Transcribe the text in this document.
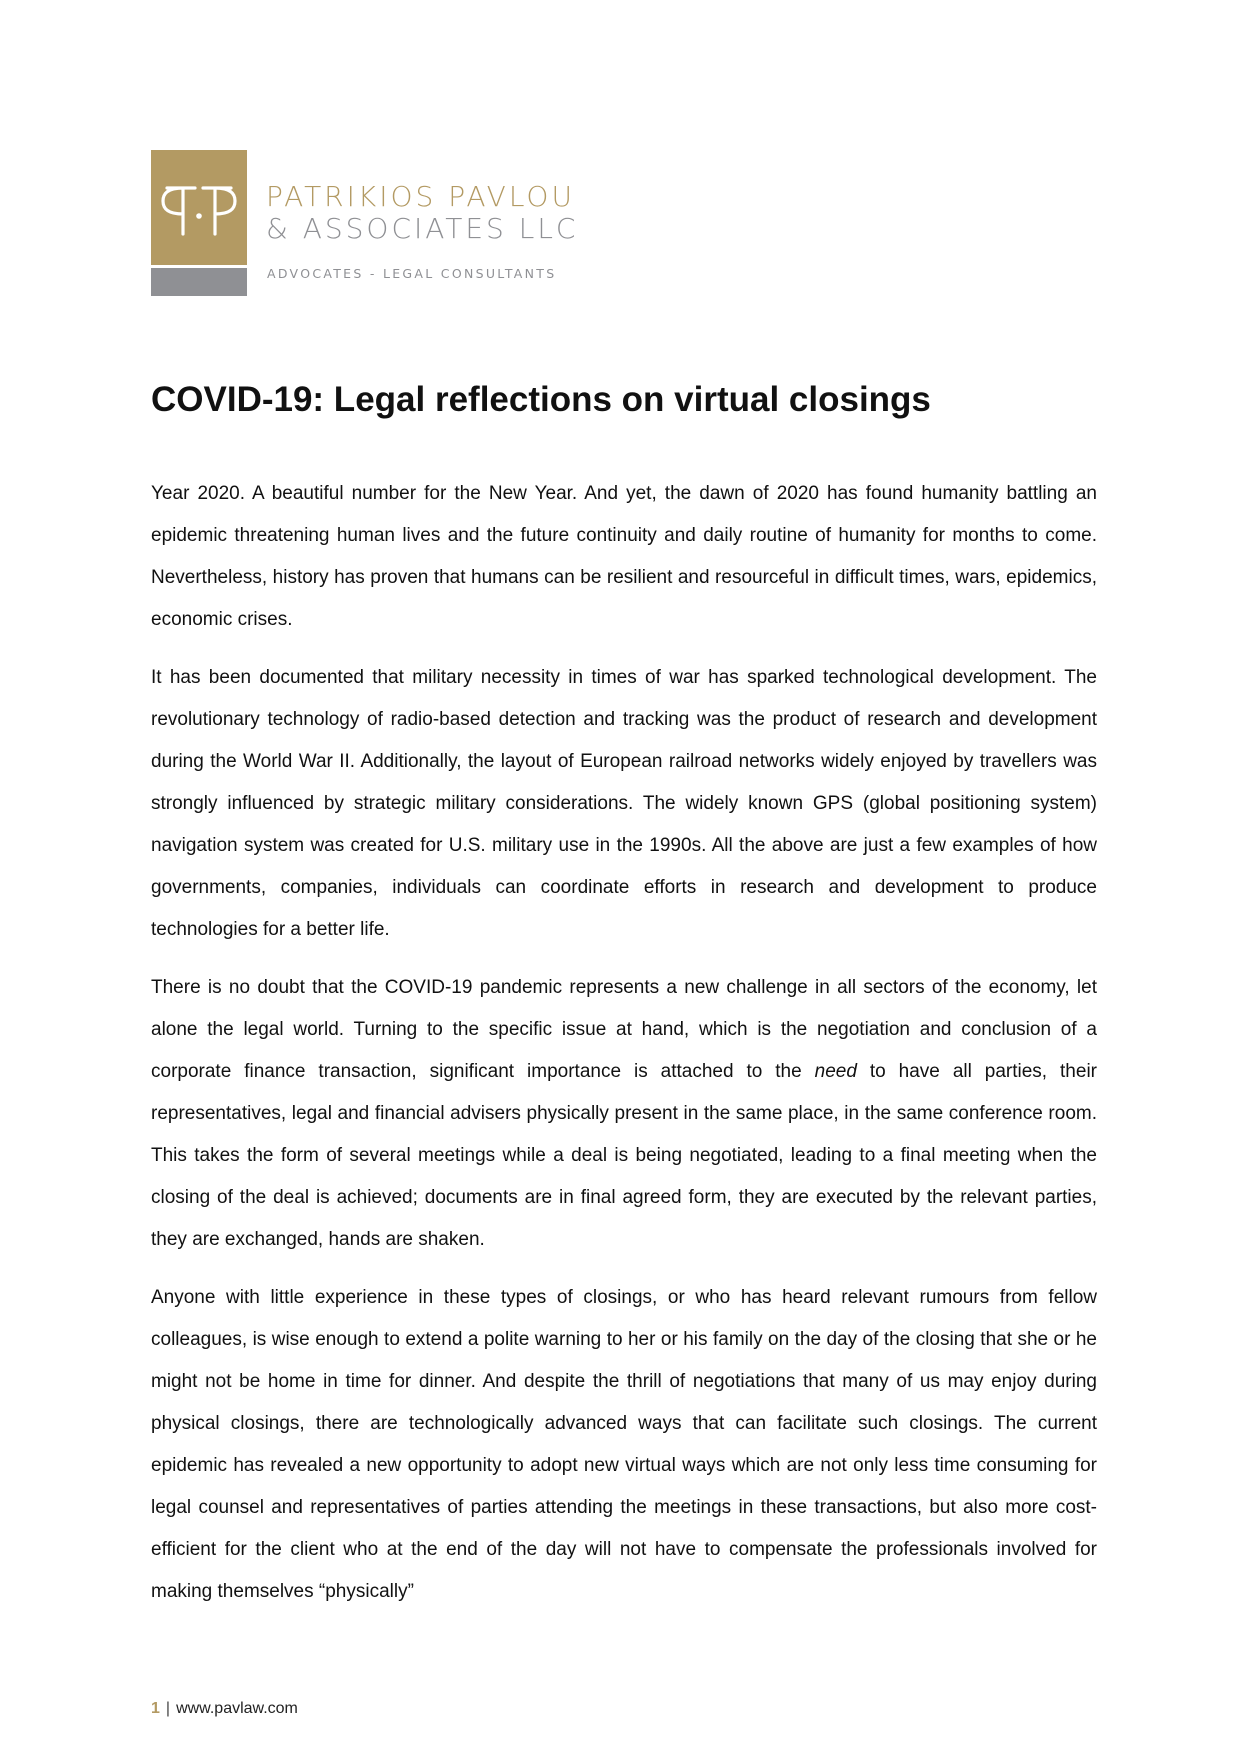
PATRIKIOS PAVLOU
& ASSOCIATES LLC
ADVOCATES - LEGAL CONSULTANTS
COVID-19: Legal reflections on virtual closings

Year 2020. A beautiful number for the New Year. And yet, the dawn of 2020 has found humanity battling an epidemic threatening human lives and the future continuity and daily routine of humanity for months to come. Nevertheless, history has proven that humans can be resilient and resourceful in difficult times, wars, epidemics, economic crises.

It has been documented that military necessity in times of war has sparked technological development. The revolutionary technology of radio-based detection and tracking was the product of research and development during the World War II. Additionally, the layout of European railroad networks widely enjoyed by travellers was strongly influenced by strategic military considerations. The widely known GPS (global positioning system) navigation system was created for U.S. military use in the 1990s. All the above are just a few examples of how governments, companies, individuals can coordinate efforts in research and development to produce technologies for a better life.

There is no doubt that the COVID-19 pandemic represents a new challenge in all sectors of the economy, let alone the legal world. Turning to the specific issue at hand, which is the negotiation and conclusion of a corporate finance transaction, significant importance is attached to the need to have all parties, their representatives, legal and financial advisers physically present in the same place, in the same conference room. This takes the form of several meetings while a deal is being negotiated, leading to a final meeting when the closing of the deal is achieved; documents are in final agreed form, they are executed by the relevant parties, they are exchanged, hands are shaken.

Anyone with little experience in these types of closings, or who has heard relevant rumours from fellow colleagues, is wise enough to extend a polite warning to her or his family on the day of the closing that she or he might not be home in time for dinner. And despite the thrill of negotiations that many of us may enjoy during physical closings, there are technologically advanced ways that can facilitate such closings. The current epidemic has revealed a new opportunity to adopt new virtual ways which are not only less time consuming for legal counsel and representatives of parties attending the meetings in these transactions, but also more cost-efficient for the client who at the end of the day will not have to compensate the professionals involved for making themselves “physically”

1 | www.pavlaw.com
